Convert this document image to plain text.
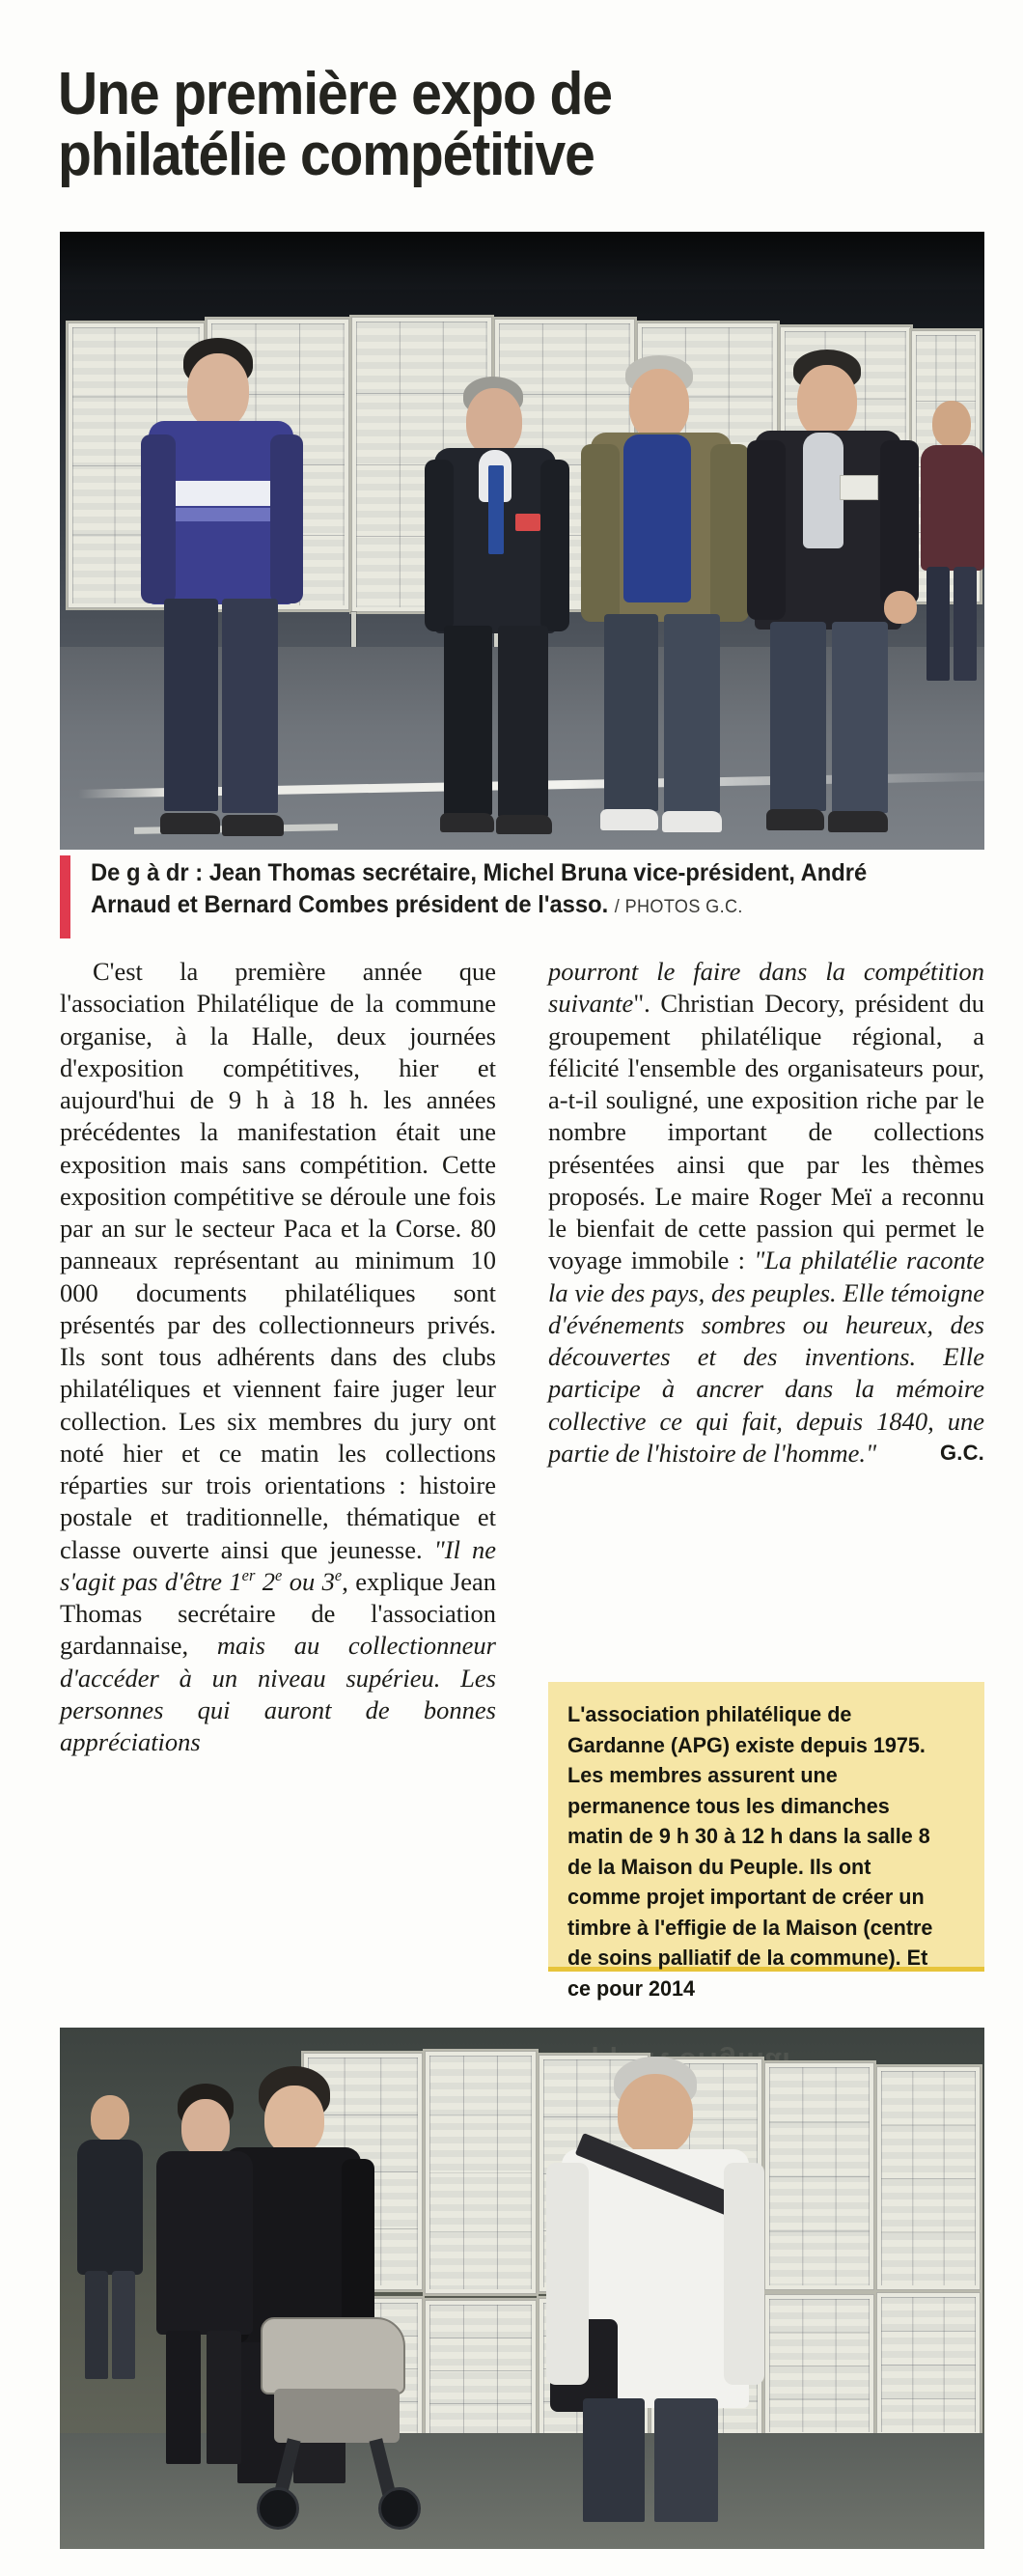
Une première expo de
philatélie compétitive
De g à dr : Jean Thomas secrétaire, Michel Bruna vice-président, André Arnaud et Bernard Combes président de l'asso. / PHOTOS G.C.

C'est la première année que l'association Philatélique de la commune organise, à la Halle, deux journées d'exposition compétitives, hier et aujourd'hui de 9 h à 18 h. les années précédentes la manifestation était une exposition mais sans compétition. Cette exposition compétitive se déroule une fois par an sur le secteur Paca et la Corse. 80 panneaux représentant au minimum 10 000 documents philatéliques sont présentés par des collectionneurs privés. Ils sont tous adhérents dans des clubs philatéliques et viennent faire juger leur collection. Les six membres du jury ont noté hier et ce matin les collections réparties sur trois orientations : histoire postale et traditionnelle, thématique et classe ouverte ainsi que jeunesse. "Il ne s'agit pas d'être 1er 2e ou 3e, explique Jean Thomas secrétaire de l'association gardannaise, mais au collectionneur d'accéder à un niveau supérieu. Les personnes qui auront de bonnes appréciations

pourront le faire dans la compétition suivante". Christian Decory, président du groupement philatélique régional, a félicité l'ensemble des organisateurs pour, a-t-il souligné, une exposition riche par le nombre important de collections présentées ainsi que par les thèmes proposés. Le maire Roger Meï a reconnu le bienfait de cette passion qui permet le voyage immobile : "La philatélie raconte la vie des pays, des peuples. Elle témoigne d'événements sombres ou heureux, des découvertes et des inventions. Elle participe à ancrer dans la mémoire collective ce qui fait, depuis 1840, une partie de l'histoire de l'homme."	G.C.

L'association philatélique de Gardanne (APG) existe depuis 1975. Les membres assurent une permanence tous les dimanches matin de 9 h 30 à 12 h dans la salle 8 de la Maison du Peuple. Ils ont comme projet important de créer un timbre à l'effigie de la Maison (centre de soins palliatif de la commune). Et ce pour 2014
